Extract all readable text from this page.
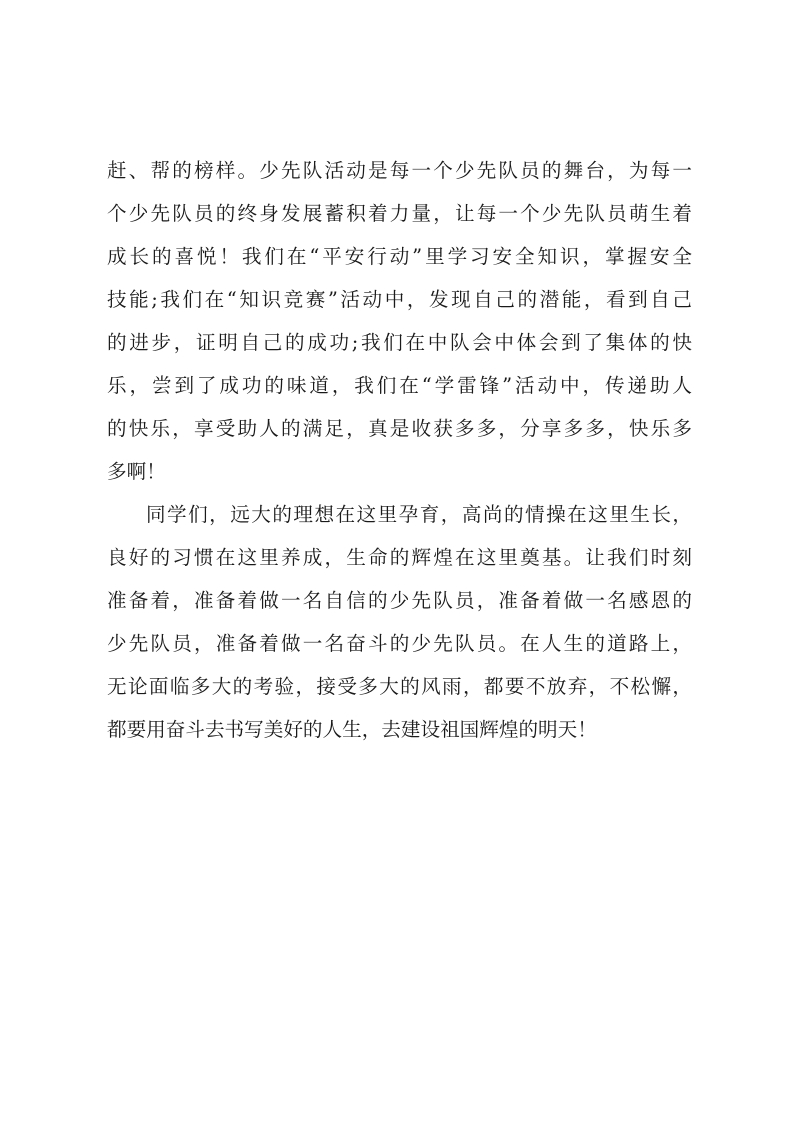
赶、帮的榜样。少先队活动是每一个少先队员的舞台，为每一
个少先队员的终身发展蓄积着力量，让每一个少先队员萌生着
成长的喜悦！我们在“平安行动”里学习安全知识，掌握安全
技能;我们在“知识竞赛”活动中，发现自己的潜能，看到自己
的进步，证明自己的成功;我们在中队会中体会到了集体的快
乐，尝到了成功的味道，我们在“学雷锋”活动中，传递助人
的快乐，享受助人的满足，真是收获多多，分享多多，快乐多
多啊！
同学们，远大的理想在这里孕育，高尚的情操在这里生长，
良好的习惯在这里养成，生命的辉煌在这里奠基。让我们时刻
准备着，准备着做一名自信的少先队员，准备着做一名感恩的
少先队员，准备着做一名奋斗的少先队员。在人生的道路上，
无论面临多大的考验，接受多大的风雨，都要不放弃，不松懈，
都要用奋斗去书写美好的人生，去建设祖国辉煌的明天！
